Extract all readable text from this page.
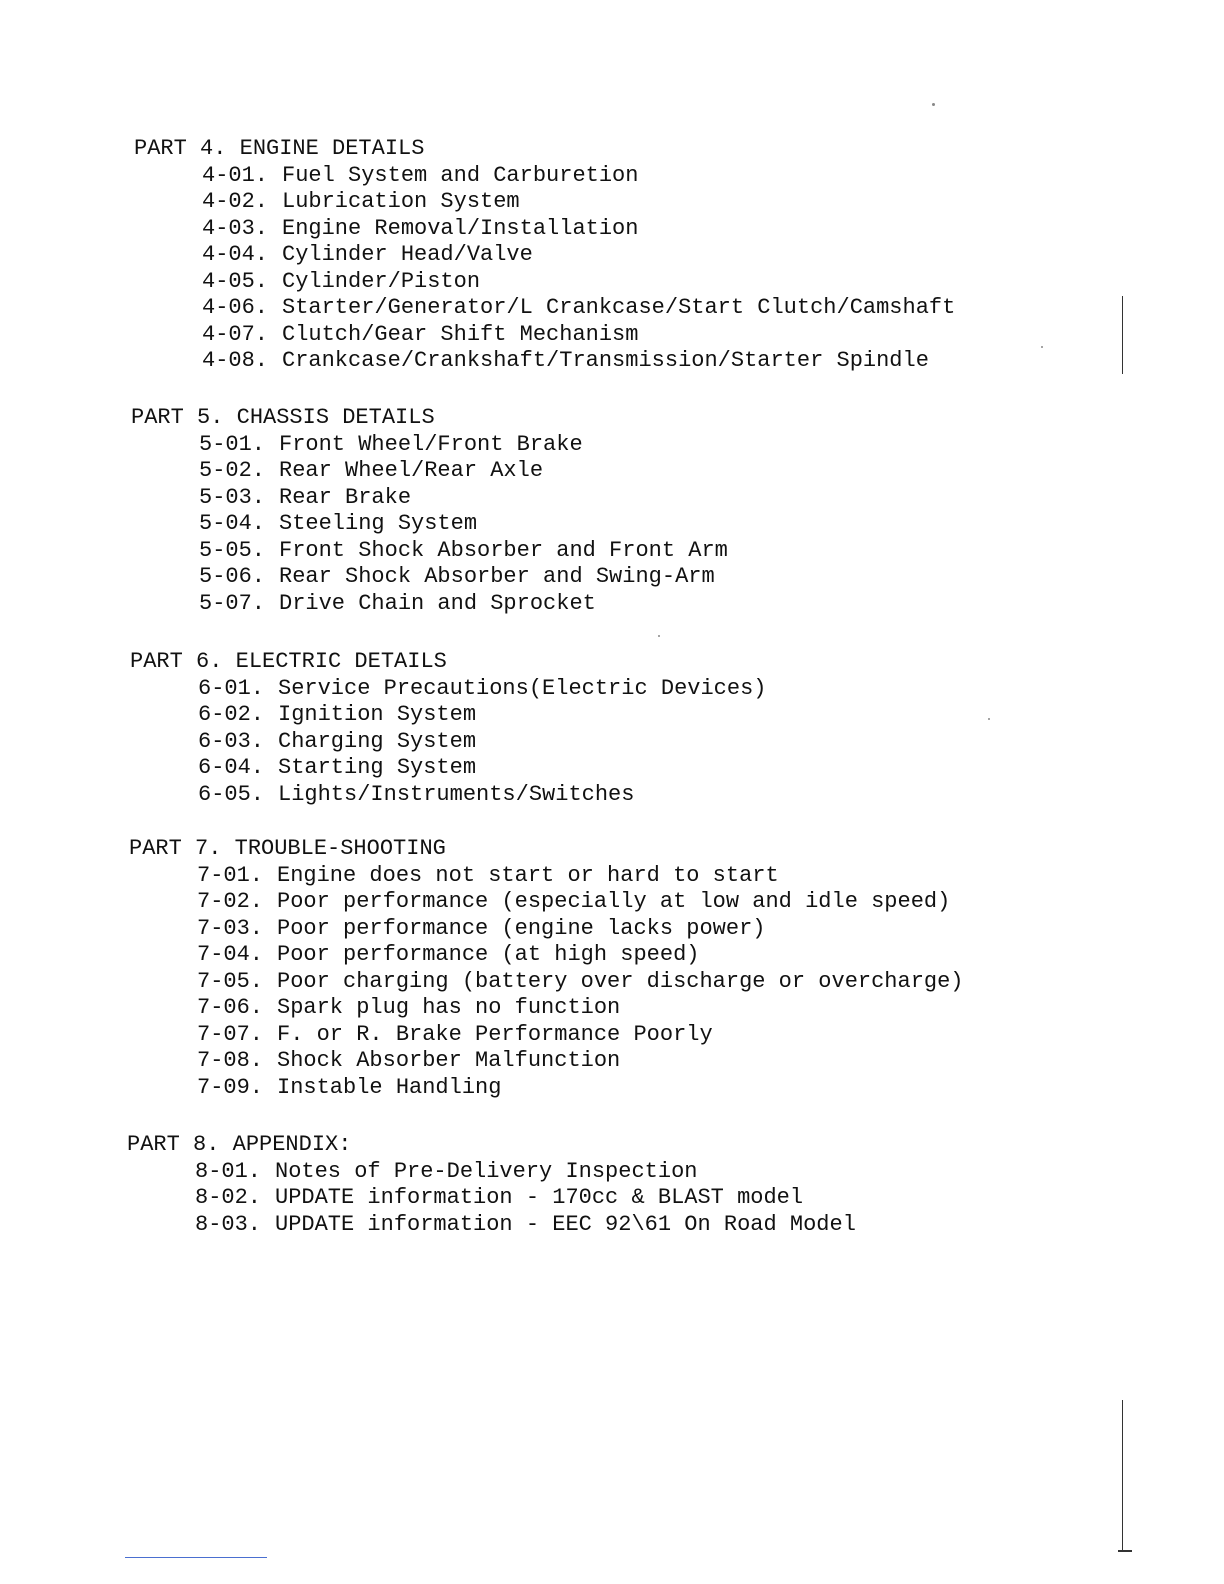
PART 4. ENGINE DETAILS
4-01. Fuel System and Carburetion
4-02. Lubrication System
4-03. Engine Removal/Installation
4-04. Cylinder Head/Valve
4-05. Cylinder/Piston
4-06. Starter/Generator/L Crankcase/Start Clutch/Camshaft
4-07. Clutch/Gear Shift Mechanism
4-08. Crankcase/Crankshaft/Transmission/Starter Spindle
PART 5. CHASSIS DETAILS
5-01. Front Wheel/Front Brake
5-02. Rear Wheel/Rear Axle
5-03. Rear Brake
5-04. Steeling System
5-05. Front Shock Absorber and Front Arm
5-06. Rear Shock Absorber and Swing-Arm
5-07. Drive Chain and Sprocket
PART 6. ELECTRIC DETAILS
6-01. Service Precautions(Electric Devices)
6-02. Ignition System
6-03. Charging System
6-04. Starting System
6-05. Lights/Instruments/Switches
PART 7. TROUBLE-SHOOTING
7-01. Engine does not start or hard to start
7-02. Poor performance (especially at low and idle speed)
7-03. Poor performance (engine lacks power)
7-04. Poor performance (at high speed)
7-05. Poor charging (battery over discharge or overcharge)
7-06. Spark plug has no function
7-07. F. or R. Brake Performance Poorly
7-08. Shock Absorber Malfunction
7-09. Instable Handling
PART 8. APPENDIX:
8-01. Notes of Pre-Delivery Inspection
8-02. UPDATE information - 170cc & BLAST model
8-03. UPDATE information - EEC 92\61 On Road Model
